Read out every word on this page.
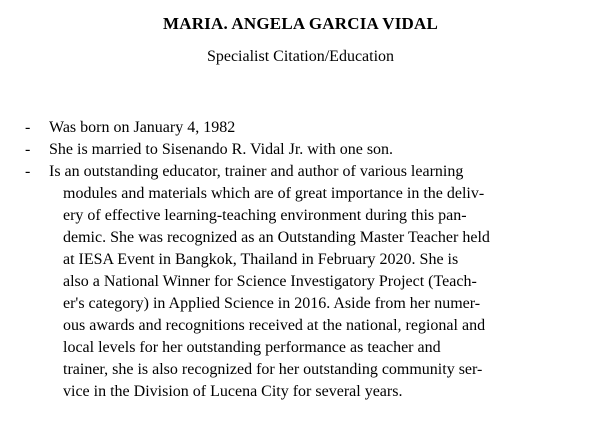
MARIA. ANGELA GARCIA VIDAL

Specialist Citation/Education

- Was born on January 4, 1982
- She is married to Sisenando R. Vidal Jr. with one son.
- Is an outstanding educator, trainer and author of various learning
modules and materials which are of great importance in the deliv-
ery of effective learning-teaching environment during this pan-
demic. She was recognized as an Outstanding Master Teacher held
at IESA Event in Bangkok, Thailand in February 2020. She is
also a National Winner for Science Investigatory Project (Teach-
er's category) in Applied Science in 2016. Aside from her numer-
ous awards and recognitions received at the national, regional and
local levels for her outstanding performance as teacher and
trainer, she is also recognized for her outstanding community ser-
vice in the Division of Lucena City for several years.
